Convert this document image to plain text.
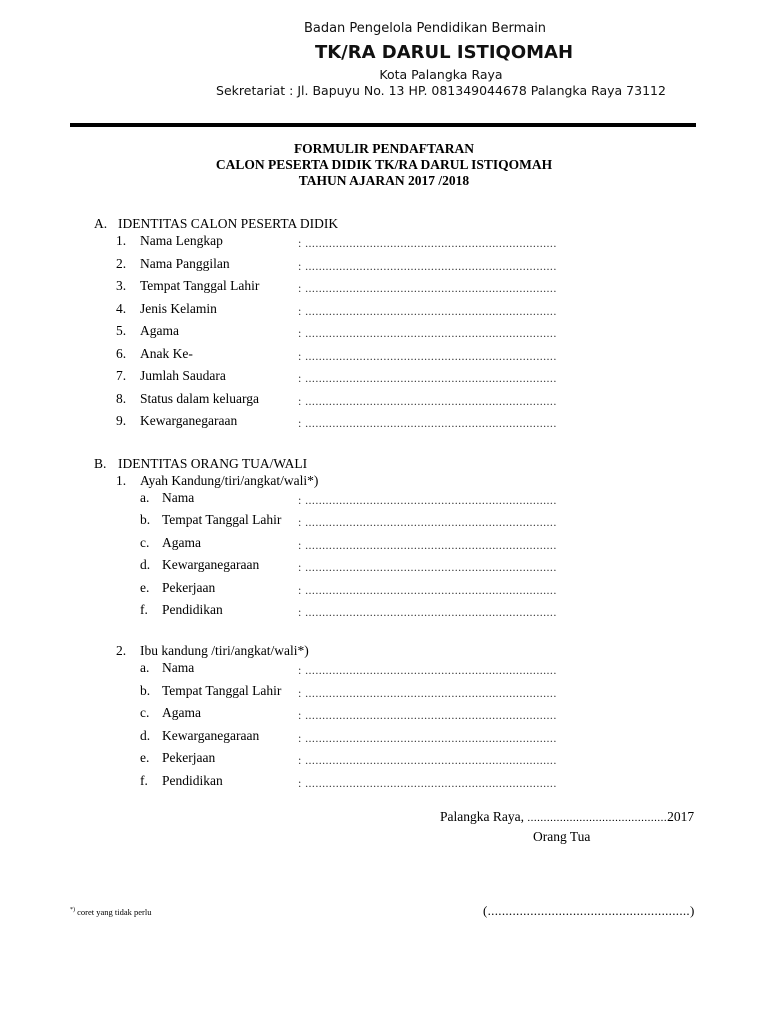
Badan Pengelola Pendidikan Bermain
TK/RA DARUL ISTIQOMAH
Kota Palangka Raya
Sekretariat : Jl. Bapuyu No. 13 HP. 081349044678 Palangka Raya 73112
FORMULIR PENDAFTARAN
CALON PESERTA DIDIK TK/RA DARUL ISTIQOMAH
TAHUN AJARAN 2017 /2018
A. IDENTITAS CALON PESERTA DIDIK
1. Nama Lengkap	: ..........................................................................
2. Nama Panggilan	: ..........................................................................
3. Tempat Tanggal Lahir	: ..........................................................................
4. Jenis Kelamin	: ..........................................................................
5. Agama	: ..........................................................................
6. Anak Ke-	: ..........................................................................
7. Jumlah Saudara	: ..........................................................................
8. Status dalam keluarga	: ..........................................................................
9. Kewarganegaraan	: ..........................................................................
B. IDENTITAS ORANG TUA/WALI
1. Ayah Kandung/tiri/angkat/wali*)
a. Nama	: ..........................................................................
b. Tempat Tanggal Lahir : ..........................................................................
c. Agama	: ..........................................................................
d. Kewarganegaraan	: ..........................................................................
e. Pekerjaan	: ..........................................................................
f. Pendidikan	: ..........................................................................
2. Ibu kandung /tiri/angkat/wali*)
a. Nama	: ..........................................................................
b. Tempat Tanggal Lahir : ..........................................................................
c. Agama	: ..........................................................................
d. Kewarganegaraan	: ..........................................................................
e. Pekerjaan	: ..........................................................................
f. Pendidikan	: ..........................................................................
Palangka Raya, ...........................................2017
Orang Tua
(.........................................................)
*) coret yang tidak perlu
